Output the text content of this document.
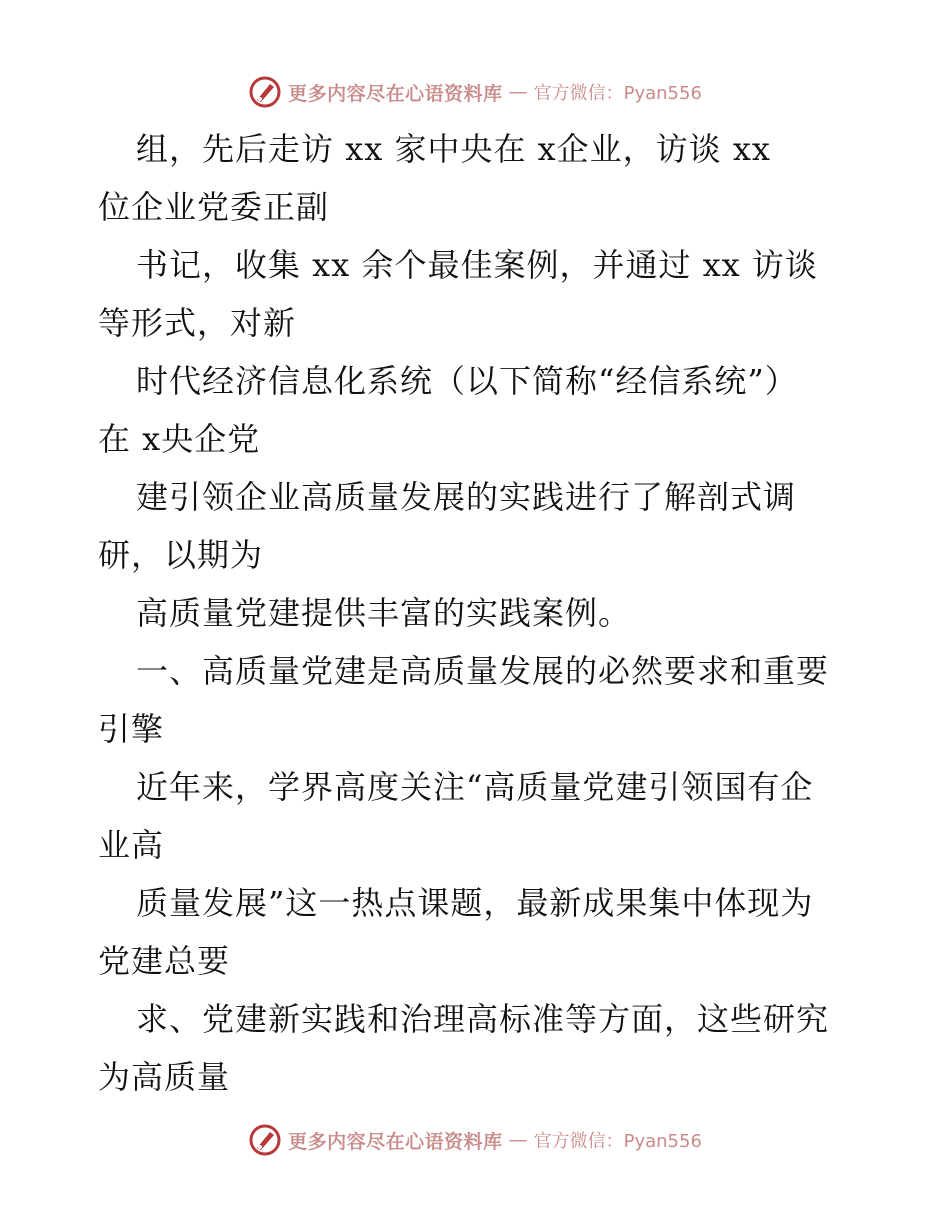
更多内容尽在心语资料库 — 官方微信：Pyan556
组，先后走访 xx 家中央在 x企业，访谈 xx
位企业党委正副
书记，收集 xx 余个最佳案例，并通过 xx 访谈
等形式，对新
时代经济信息化系统（以下简称“经信系统”）
在 x央企党
建引领企业高质量发展的实践进行了解剖式调
研，以期为
高质量党建提供丰富的实践案例。
一、高质量党建是高质量发展的必然要求和重要
引擎
近年来，学界高度关注“高质量党建引领国有企
业高
质量发展”这一热点课题，最新成果集中体现为
党建总要
求、党建新实践和治理高标准等方面，这些研究
为高质量
更多内容尽在心语资料库 — 官方微信：Pyan556
